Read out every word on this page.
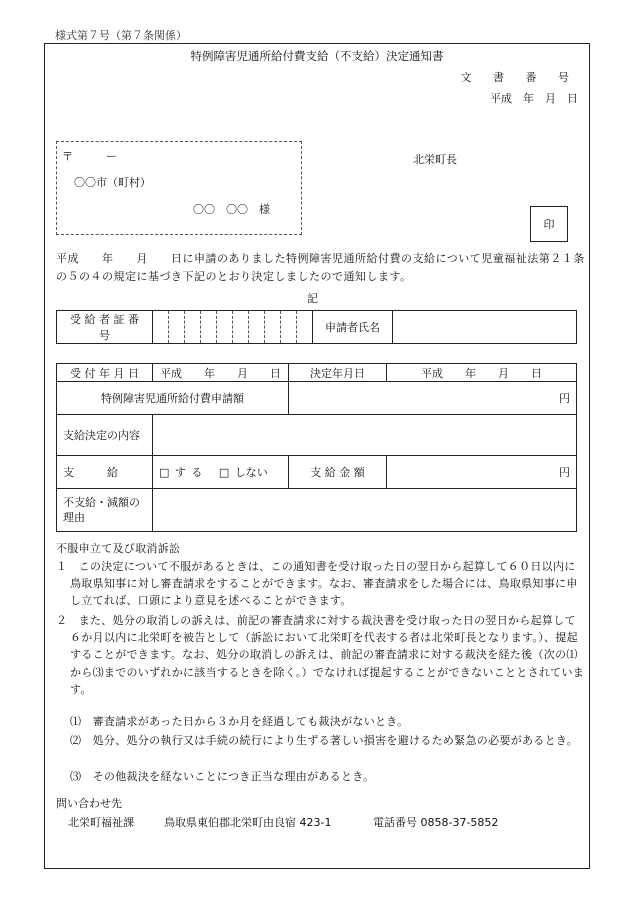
様式第７号（第７条関係）
特例障害児通所給付費支給（不支給）決定通知書
文 書 番 号
平成　年　月　日
〒　　　ー
〇〇市（町村）
〇〇　〇〇　様
北栄町長
印
平成　　年　　月　　日に申請のありました特例障害児通所給付費の支給について児童福祉法第２１条の５の４の規定に基づき下記のとおり決定しましたので通知します。
記
受 給 者 証 番 号											申請者氏名	
受 付 年 月 日	平成　　年　　月　　日	決定年月日	平成　　年　　月　　日
特例障害児通所給付費申請額		円	
支給決定の内容			
支　　　給	□ す る □ しない	支 給 金 額	円
不支給・減額の理由			

不服申立て及び取消訴訟

１　この決定について不服があるときは、この通知書を受け取った日の翌日から起算して６０日以内に鳥取県知事に対し審査請求をすることができます。なお、審査請求をした場合には、鳥取県知事に申し立てれば、口頭により意見を述べることができます。

２　また、処分の取消しの訴えは、前記の審査請求に対する裁決書を受け取った日の翌日から起算して６か月以内に北栄町を被告として（訴訟において北栄町を代表する者は北栄町長となります。）、提起することができます。なお、処分の取消しの訴えは、前記の審査請求に対する裁決を経た後（次の⑴から⑶までのいずれかに該当するときを除く。）でなければ提起することができないこととされています。

⑴　審査請求があった日から３か月を経過しても裁決がないとき。

⑵　処分、処分の執行又は手続の続行により生ずる著しい損害を避けるため緊急の必要があるとき。

⑶　その他裁決を経ないことにつき正当な理由があるとき。

問い合わせ先
北栄町福祉課	鳥取県東伯郡北栄町由良宿 423-1	電話番号 0858-37-5852
